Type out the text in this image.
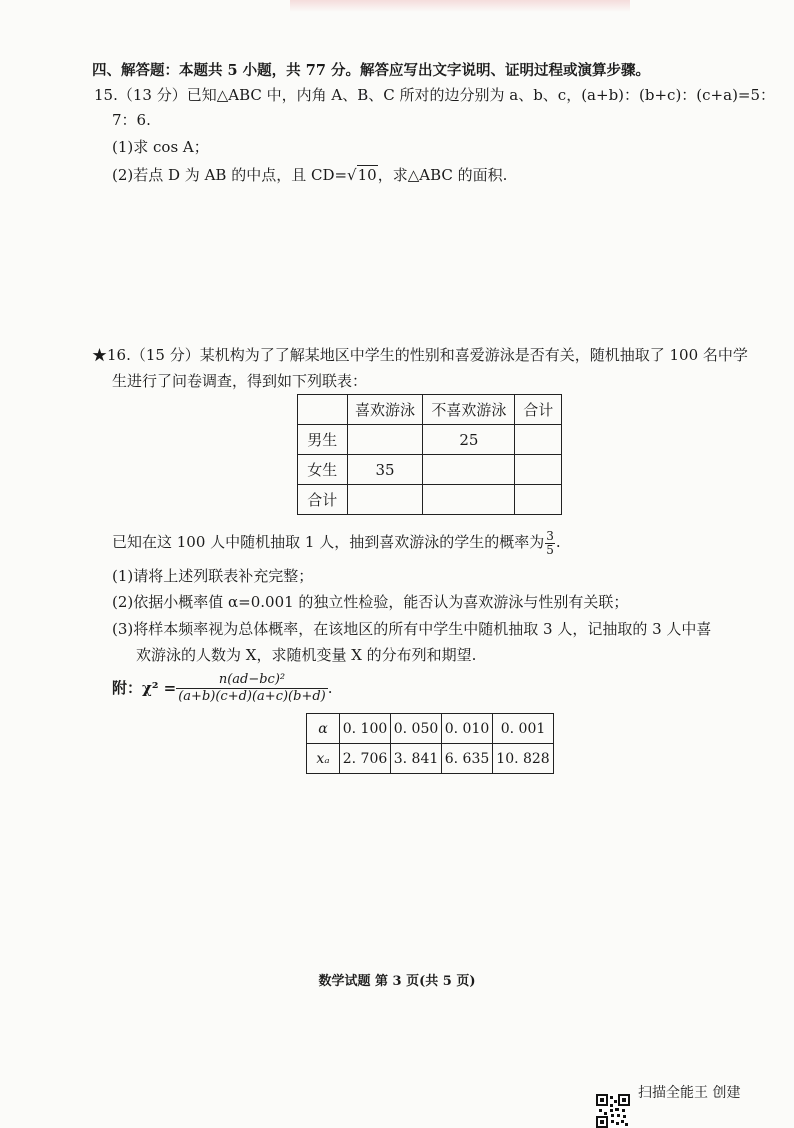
四、解答题：本题共 5 小题，共 77 分。解答应写出文字说明、证明过程或演算步骤。
15.（13 分）已知△ABC 中，内角 A、B、C 所对的边分别为 a、b、c，(a+b)：(b+c)：(c+a)=5：
7：6.
(1)求 cos A；
(2)若点 D 为 AB 的中点，且 CD=√10，求△ABC 的面积.
★16.（15 分）某机构为了了解某地区中学生的性别和喜爱游泳是否有关，随机抽取了 100 名中学
生进行了问卷调查，得到如下列联表：
	喜欢游泳	不喜欢游泳	合计
男生		25	
女生	35		
合计			
已知在这 100 人中随机抽取 1 人，抽到喜欢游泳的学生的概率为 $\frac{3}{5}$ .
(1)请将上述列联表补充完整；
(2)依据小概率值 α=0.001 的独立性检验，能否认为喜欢游泳与性别有关联；
(3)将样本频率视为总体概率，在该地区的所有中学生中随机抽取 3 人，记抽取的 3 人中喜
欢游泳的人数为 X，求随机变量 X 的分布列和期望.
附：$\chi^2 = \frac{\text{n(ad−bc)²}}{(a+b)(c+d)(a+c)(b+d)}$ .
α	0. 100	0. 050	0. 010	0. 001
xₐ	2. 706	3. 841	6. 635	10. 828
数学试题 第 3 页(共 5 页)
扫描全能王 创建
